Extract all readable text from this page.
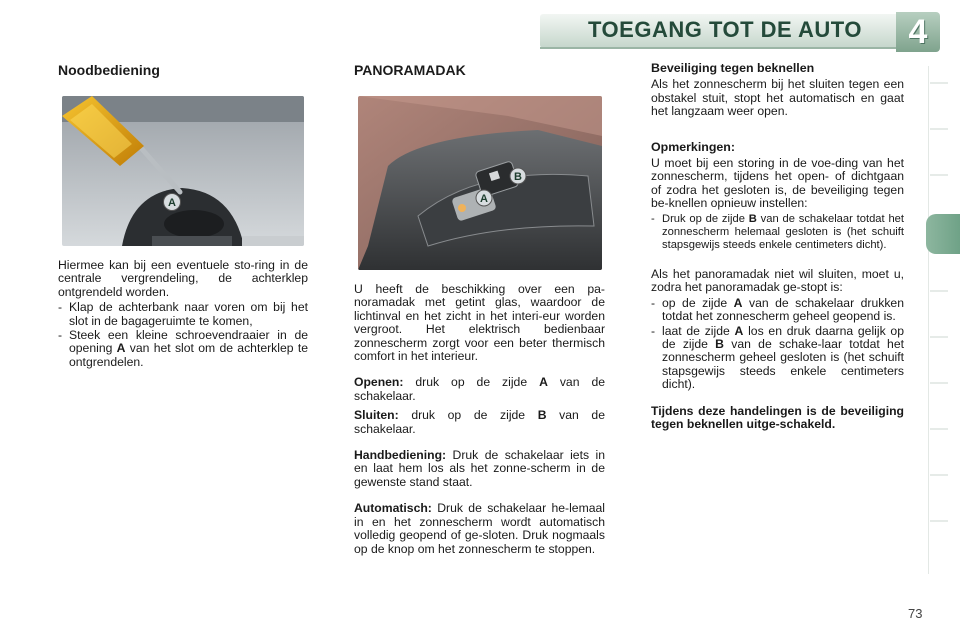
TOEGANG TOT DE AUTO	4
Noodbediening
A
Hiermee kan bij een eventuele sto-ring in de centrale vergrendeling, de achterklep ontgrendeld worden.
- Klap de achterbank naar voren om bij het slot in de bagageruimte te komen,
- Steek een kleine schroevendraaier in de opening A van het slot om de achterklep te ontgrendelen.
PANORAMADAK
B
A
U heeft de beschikking over een pa-noramadak met getint glas, waardoor de lichtinval en het zicht in het interi-eur worden vergroot. Het elektrisch bedienbaar zonnescherm zorgt voor een beter thermisch comfort in het interieur.
Openen: druk op de zijde A van de schakelaar.
Sluiten: druk op de zijde B van de schakelaar.
Handbediening: Druk de schakelaar iets in en laat hem los als het zonne-scherm in de gewenste stand staat.
Automatisch: Druk de schakelaar he-lemaal in en het zonnescherm wordt automatisch volledig geopend of ge-sloten. Druk nogmaals op de knop om het zonnescherm te stoppen.
Beveiliging tegen beknellen
Als het zonnescherm bij het sluiten tegen een obstakel stuit, stopt het automatisch en gaat het langzaam weer open.
Opmerkingen:
U moet bij een storing in de voe-ding van het zonnescherm, tijdens het open- of dichtgaan of zodra het gesloten is, de beveiliging tegen be-knellen opnieuw instellen:
- Druk op de zijde B van de schakelaar totdat het zonnescherm helemaal gesloten is (het schuift stapsgewijs steeds enkele centimeters dicht).
Als het panoramadak niet wil sluiten, moet u, zodra het panoramadak ge-stopt is:
- op de zijde A van de schakelaar drukken totdat het zonnescherm geheel geopend is.
- laat de zijde A los en druk daarna gelijk op de zijde B van de schake-laar totdat het zonnescherm geheel gesloten is (het schuift stapsgewijs steeds enkele centimeters dicht).
Tijdens deze handelingen is de beveiliging tegen beknellen uitge-schakeld.
73
